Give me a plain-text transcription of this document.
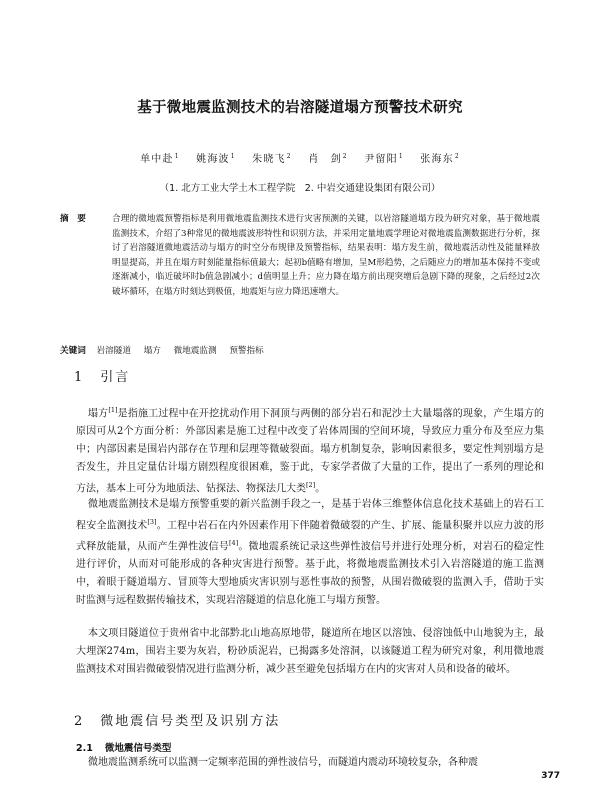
基于微地震监测技术的岩溶隧道塌方预警技术研究
单中赴$^1$ 姚海波$^1$ 朱晓飞$^2$ 肖　剑$^2$ 尹留阳$^1$ 张海东$^2$
（1. 北方工业大学土木工程学院　2. 中岩交通建设集团有限公司）
摘　要	合理的微地震预警指标是利用微地震监测技术进行灾害预测的关键，以岩溶隧道塌方段为研究对象，基于微地震监测技术，介绍了3种常见的微地震波形特性和识别方法，并采用定量地震学理论对微地震监测数据进行分析，探讨了岩溶隧道微地震活动与塌方的时空分布规律及预警指标，结果表明：塌方发生前，微地震活动性及能量释放明显提高，并且在塌方时刻能量指标值最大；起初b值略有增加，呈M形趋势，之后随应力的增加基本保持不变或逐渐减小，临近破坏时b值急剧减小；d值明显上升；应力降在塌方前出现突增后急剧下降的现象，之后经过2次破坏循环，在塌方时刻达到极值，地震矩与应力降迅速增大。
关键词 岩溶隧道 塌方 微地震监测 预警指标
1 引言
塌方[1]是指施工过程中在开挖扰动作用下洞顶与两侧的部分岩石和泥沙土大量塌落的现象，产生塌方的原因可从2个方面分析：外部因素是施工过程中改变了岩体周围的空间环境，导致应力重分布及至应力集中；内部因素是围岩内部存在节理和层理等微破裂面。塌方机制复杂，影响因素很多，要定性判别塌方是否发生，并且定量估计塌方剧烈程度很困难，鉴于此，专家学者做了大量的工作，提出了一系列的理论和方法，基本上可分为地质法、钻探法、物探法几大类[2]。
微地震监测技术是塌方预警重要的新兴监测手段之一，是基于岩体三维整体信息化技术基础上的岩石工程安全监测技术[3]。工程中岩石在内外因素作用下伴随着微破裂的产生、扩展、能量积聚并以应力波的形式释放能量，从而产生弹性波信号[4]。微地震系统记录这些弹性波信号并进行处理分析，对岩石的稳定性进行评价，从而对可能形成的各种灾害进行预警。基于此，将微地震监测技术引入岩溶隧道的施工监测中，着眼于隧道塌方、冒顶等大型地质灾害识别与恶性事故的预警，从围岩微破裂的监测入手，借助于实时监测与远程数据传输技术，实现岩溶隧道的信息化施工与塌方预警。
本文项目隧道位于贵州省中北部黔北山地高原地带，隧道所在地区以溶蚀、侵溶蚀低中山地貌为主，最大埋深274m，围岩主要为灰岩，粉砂质泥岩，已揭露多处溶洞，以该隧道工程为研究对象，利用微地震监测技术对围岩微破裂情况进行监测分析，减少甚至避免包括塌方在内的灾害对人员和设备的破坏。
2 微地震信号类型及识别方法
2.1 微地震信号类型
微地震监测系统可以监测一定频率范围的弹性波信号，而隧道内震动环境较复杂，各种震
377
